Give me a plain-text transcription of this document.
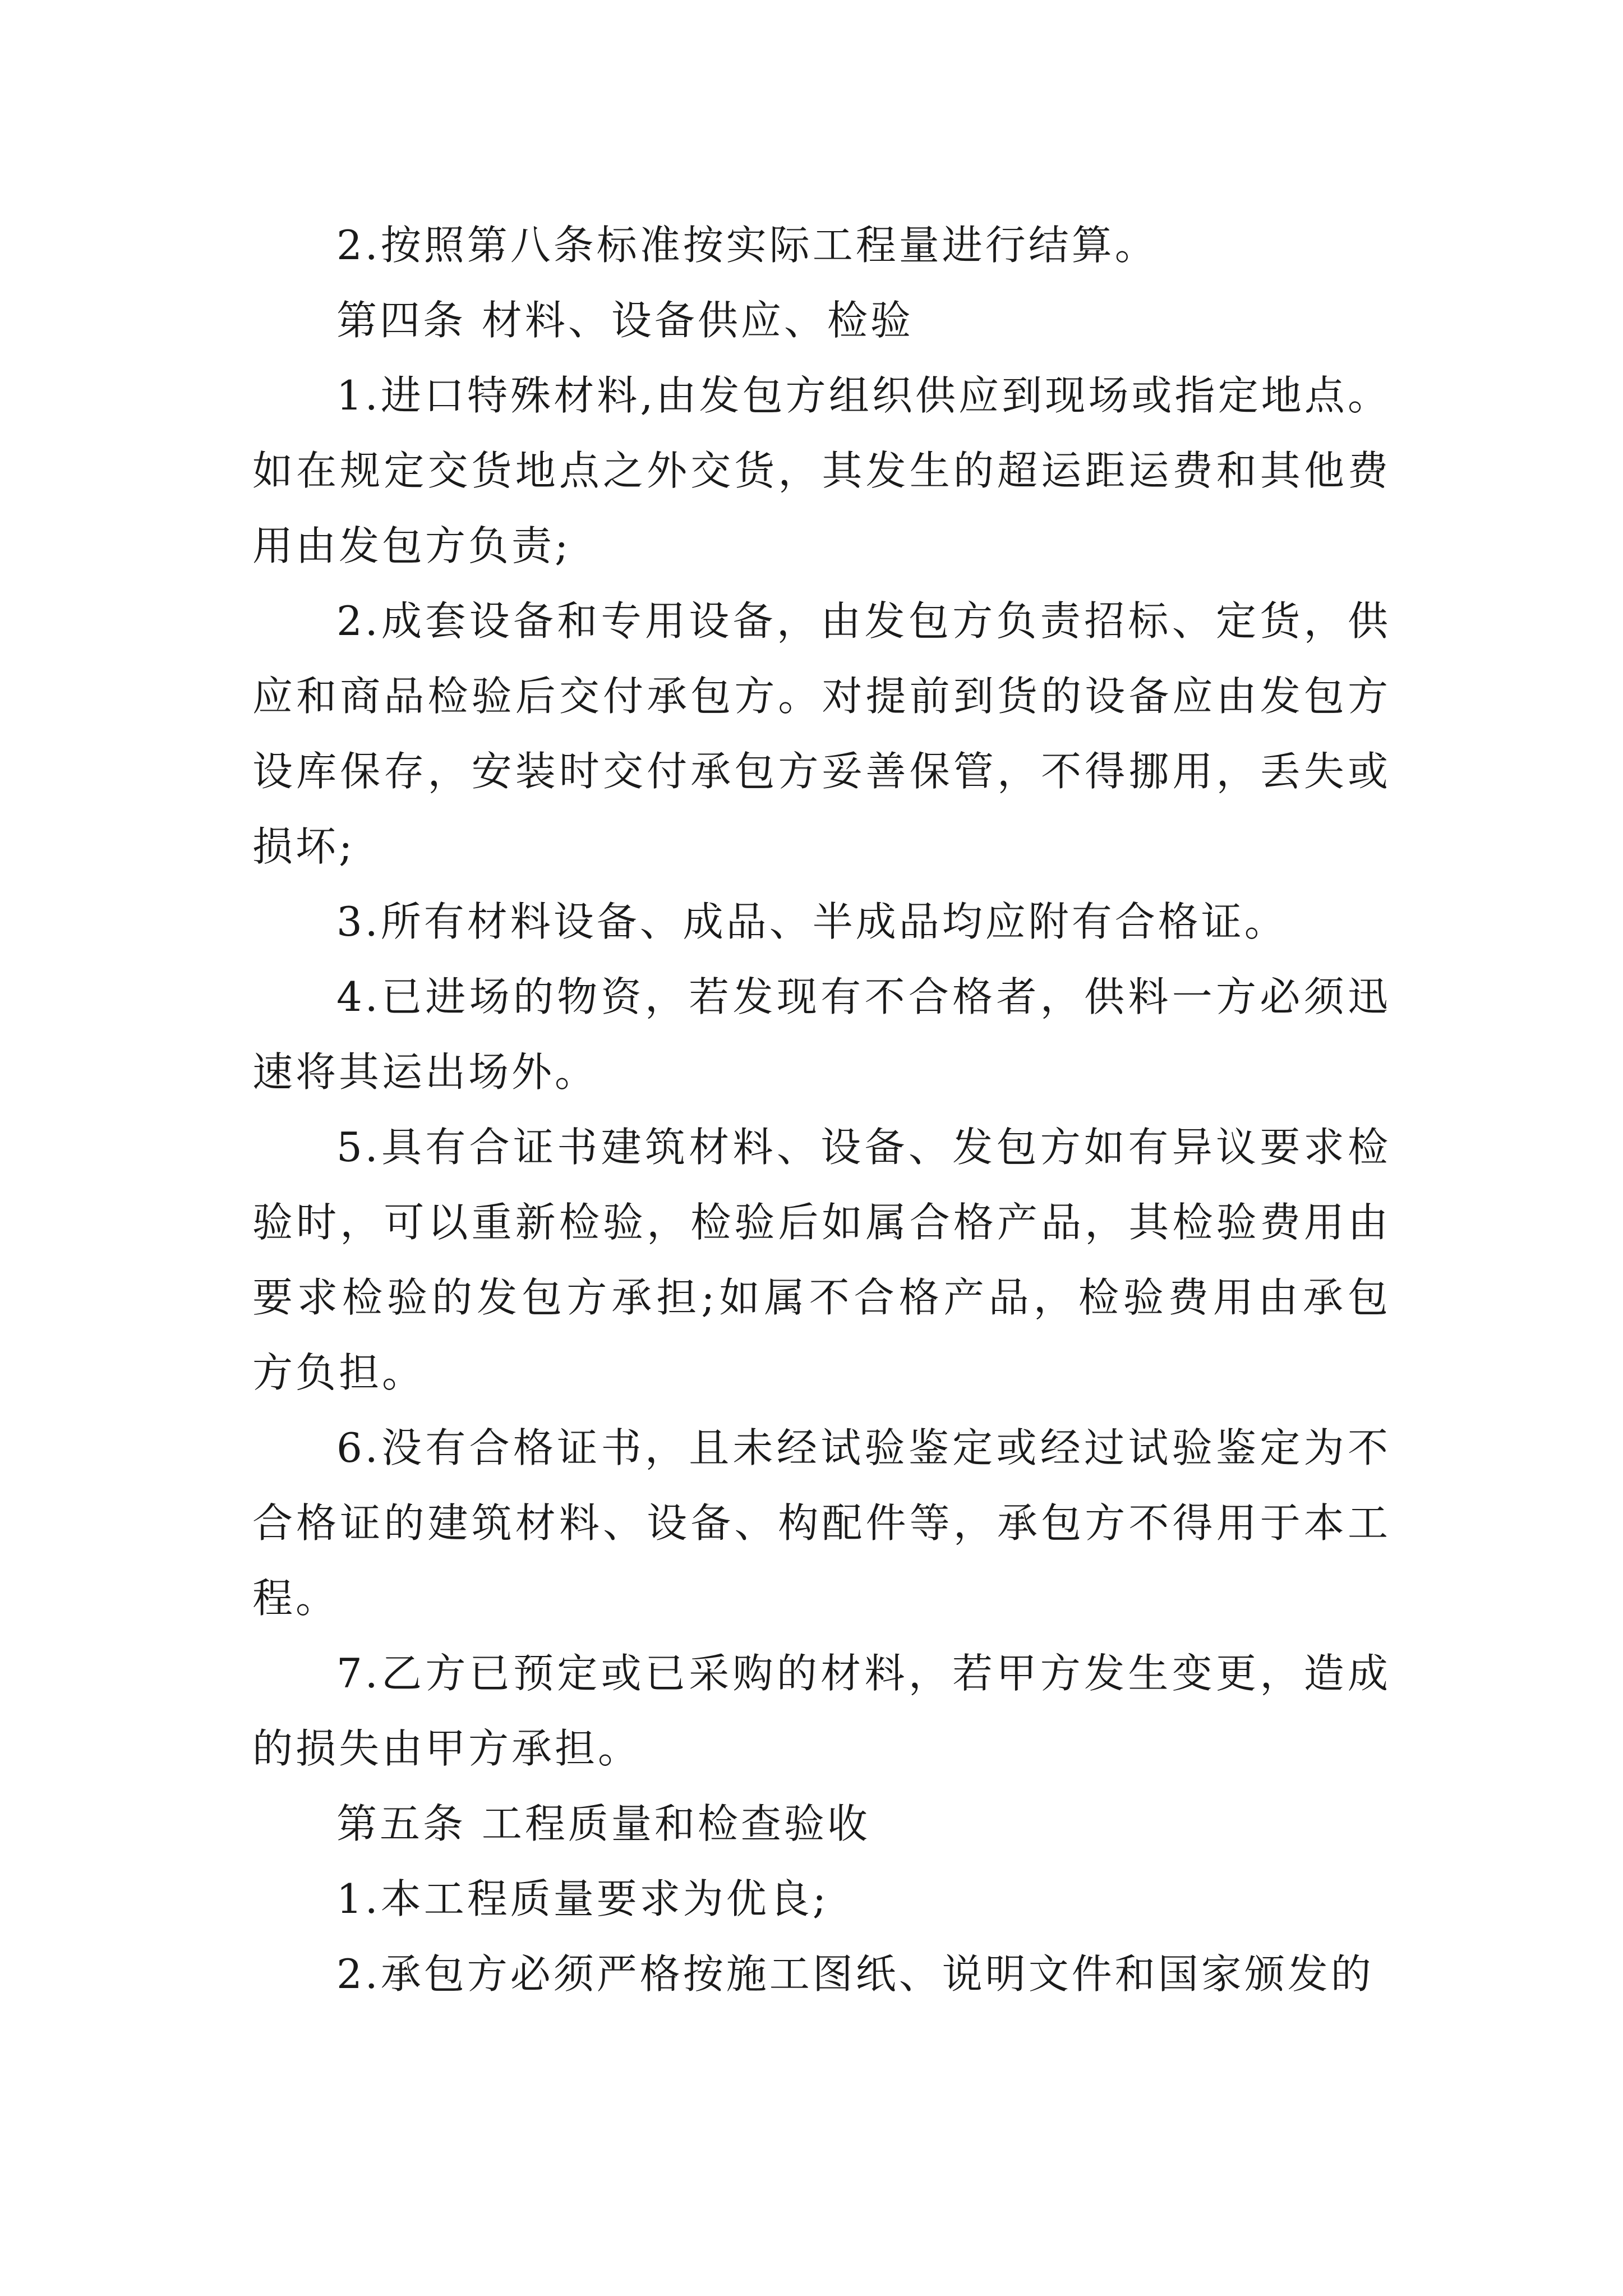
2.按照第八条标准按实际工程量进行结算。

第四条 材料、设备供应、检验

1.进口特殊材料,由发包方组织供应到现场或指定地点。如在规定交货地点之外交货，其发生的超运距运费和其他费用由发包方负责;

2.成套设备和专用设备，由发包方负责招标、定货，供应和商品检验后交付承包方。对提前到货的设备应由发包方设库保存，安装时交付承包方妥善保管，不得挪用，丢失或损坏;

3.所有材料设备、成品、半成品均应附有合格证。

4.已进场的物资，若发现有不合格者，供料一方必须迅速将其运出场外。

5.具有合证书建筑材料、设备、发包方如有异议要求检验时，可以重新检验，检验后如属合格产品，其检验费用由要求检验的发包方承担;如属不合格产品，检验费用由承包方负担。

6.没有合格证书，且未经试验鉴定或经过试验鉴定为不合格证的建筑材料、设备、构配件等，承包方不得用于本工程。

7.乙方已预定或已采购的材料，若甲方发生变更，造成的损失由甲方承担。

第五条 工程质量和检查验收

1.本工程质量要求为优良;

2.承包方必须严格按施工图纸、说明文件和国家颁发的
